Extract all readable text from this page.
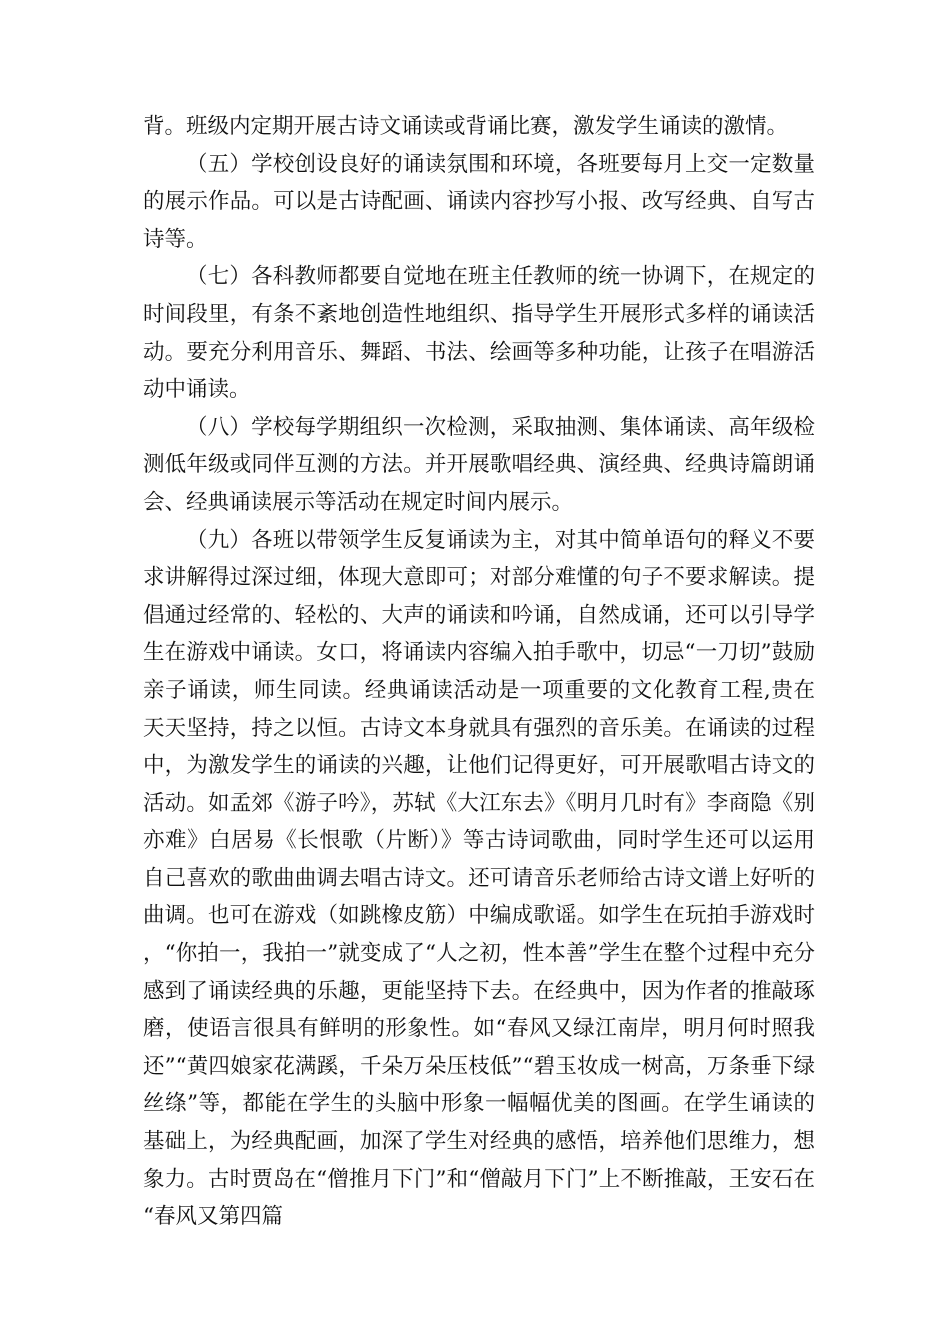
背。班级内定期开展古诗文诵读或背诵比赛，激发学生诵读的激情。

（五）学校创设良好的诵读氛围和环境，各班要每月上交一定数量的展示作品。可以是古诗配画、诵读内容抄写小报、改写经典、自写古诗等。

（七）各科教师都要自觉地在班主任教师的统一协调下，在规定的时间段里，有条不紊地创造性地组织、指导学生开展形式多样的诵读活动。要充分利用音乐、舞蹈、书法、绘画等多种功能，让孩子在唱游活动中诵读。

（八）学校每学期组织一次检测，采取抽测、集体诵读、高年级检测低年级或同伴互测的方法。并开展歌唱经典、演经典、经典诗篇朗诵会、经典诵读展示等活动在规定时间内展示。

（九）各班以带领学生反复诵读为主，对其中简单语句的释义不要求讲解得过深过细，体现大意即可；对部分难懂的句子不要求解读。提倡通过经常的、轻松的、大声的诵读和吟诵，自然成诵，还可以引导学生在游戏中诵读。女口，将诵读内容编入拍手歌中，切忌“一刀切”鼓励亲子诵读，师生同读。经典诵读活动是一项重要的文化教育工程,贵在天天坚持，持之以恒。古诗文本身就具有强烈的音乐美。在诵读的过程中，为激发学生的诵读的兴趣，让他们记得更好，可开展歌唱古诗文的活动。如孟郊《游子吟》，苏轼《大江东去》《明月几时有》李商隐《别亦难》白居易《长恨歌（片断）》等古诗词歌曲，同时学生还可以运用自己喜欢的歌曲曲调去唱古诗文。还可请音乐老师给古诗文谱上好听的曲调。也可在游戏（如跳橡皮筋）中编成歌谣。如学生在玩拍手游戏时，“你拍一，我拍一”就变成了“人之初，性本善”学生在整个过程中充分感到了诵读经典的乐趣，更能坚持下去。在经典中，因为作者的推敲琢磨，使语言很具有鲜明的形象性。如“春风又绿江南岸，明月何时照我还”“黄四娘家花满蹊，千朵万朵压枝低”“碧玉妆成一树高，万条垂下绿丝绦”等，都能在学生的头脑中形象一幅幅优美的图画。在学生诵读的基础上，为经典配画，加深了学生对经典的感悟，培养他们思维力，想象力。古时贾岛在“僧推月下门”和“僧敲月下门”上不断推敲，王安石在“春风又第四篇
